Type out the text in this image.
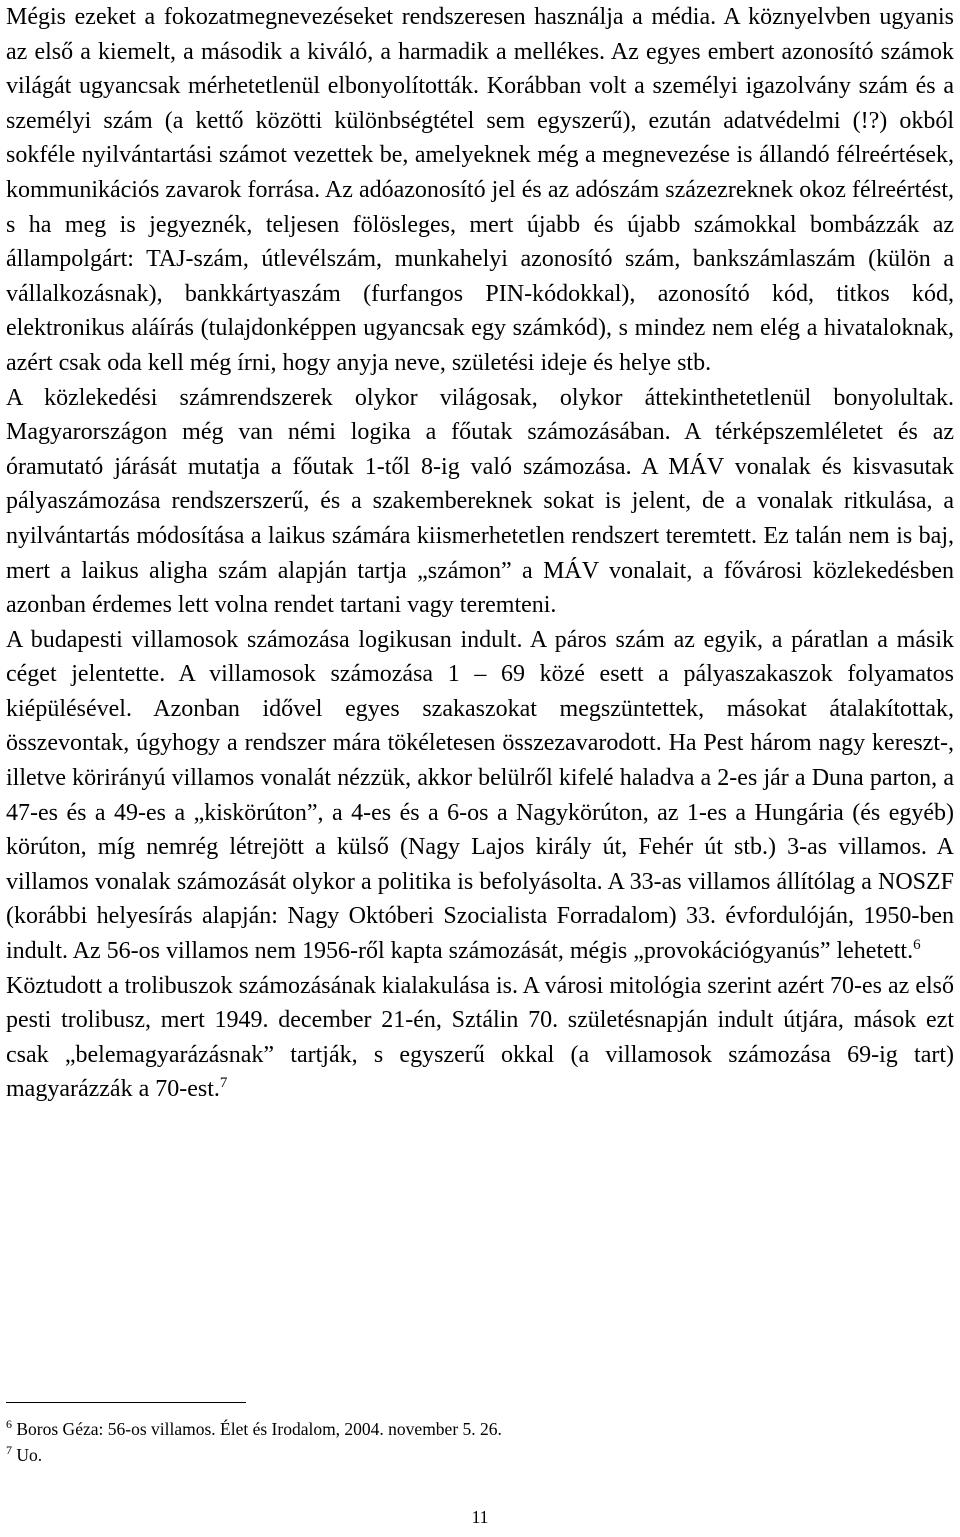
Mégis ezeket a fokozatmegnevezéseket rendszeresen használja a média. A köznyelvben ugyanis az első a kiemelt, a második a kiváló, a harmadik a mellékes. Az egyes embert azonosító számok világát ugyancsak mérhetetlenül elbonyolították. Korábban volt a személyi igazolvány szám és a személyi szám (a kettő közötti különbségtétel sem egyszerű), ezután adatvédelmi (!?) okból sokféle nyilvántartási számot vezettek be, amelyeknek még a megnevezése is állandó félreértések, kommunikációs zavarok forrása. Az adóazonosító jel és az adószám százezreknek okoz félreértést, s ha meg is jegyeznék, teljesen fölösleges, mert újabb és újabb számokkal bombázzák az állampolgárt: TAJ-szám, útlevélszám, munkahelyi azonosító szám, bankszámlaszám (külön a vállalkozásnak), bankkártyaszám (furfangos PIN-kódokkal), azonosító kód, titkos kód, elektronikus aláírás (tulajdonképpen ugyancsak egy számkód), s mindez nem elég a hivataloknak, azért csak oda kell még írni, hogy anyja neve, születési ideje és helye stb.

A közlekedési számrendszerek olykor világosak, olykor áttekinthetetlenül bonyolultak. Magyarországon még van némi logika a főutak számozásában. A térképszemléletet és az óramutató járását mutatja a főutak 1-től 8-ig való számozása. A MÁV vonalak és kisvasutak pályaszámozása rendszerszerű, és a szakembereknek sokat is jelent, de a vonalak ritkulása, a nyilvántartás módosítása a laikus számára kiismerhetetlen rendszert teremtett. Ez talán nem is baj, mert a laikus aligha szám alapján tartja „számon” a MÁV vonalait, a fővárosi közlekedésben azonban érdemes lett volna rendet tartani vagy teremteni.

A budapesti villamosok számozása logikusan indult. A páros szám az egyik, a páratlan a másik céget jelentette. A villamosok számozása 1 – 69 közé esett a pályaszakaszok folyamatos kiépülésével. Azonban idővel egyes szakaszokat megszüntettek, másokat átalakítottak, összevontak, úgyhogy a rendszer mára tökéletesen összezavarodott. Ha Pest három nagy kereszt-, illetve körirányú villamos vonalát nézzük, akkor belülről kifelé haladva a 2-es jár a Duna parton, a 47-es és a 49-es a „kiskörúton”, a 4-es és a 6-os a Nagykörúton, az 1-es a Hungária (és egyéb) körúton, míg nemrég létrejött a külső (Nagy Lajos király út, Fehér út stb.) 3-as villamos. A villamos vonalak számozását olykor a politika is befolyásolta. A 33-as villamos állítólag a NOSZF (korábbi helyesírás alapján: Nagy Októberi Szocialista Forradalom) 33. évfordulóján, 1950-ben indult. Az 56-os villamos nem 1956-ről kapta számozását, mégis „provokációgyanús” lehetett.$^6$

Köztudott a trolibuszok számozásának kialakulása is. A városi mitológia szerint azért 70-es az első pesti trolibusz, mert 1949. december 21-én, Sztálin 70. születésnapján indult útjára, mások ezt csak „belemagyarázásnak” tartják, s egyszerű okkal (a villamosok számozása 69-ig tart) magyarázzák a 70-est.$^7$

$^6$ Boros Géza: 56-os villamos. Élet és Irodalom, 2004. november 5. 26.

$^7$ Uo.

11
